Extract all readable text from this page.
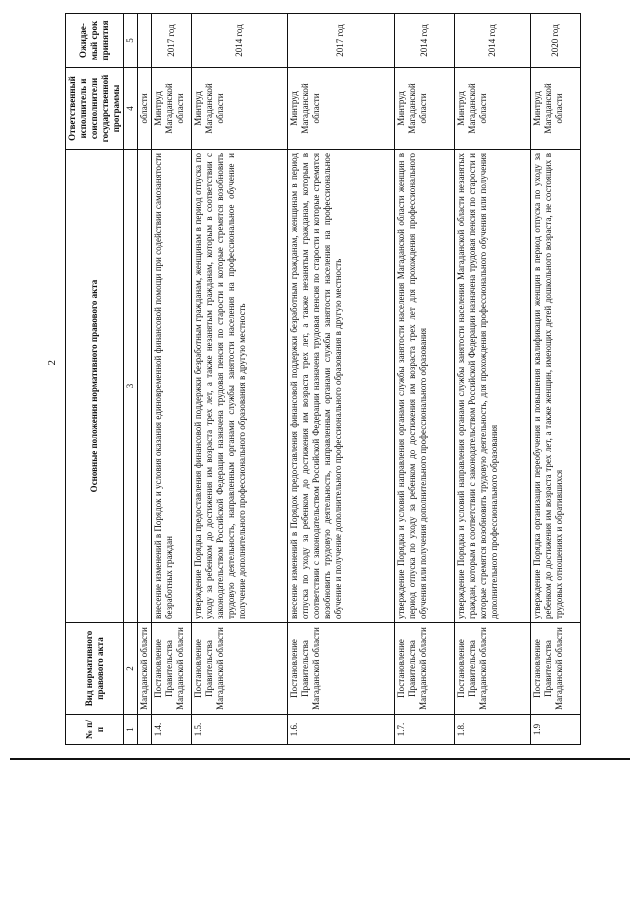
2
№ п/п	Вид нормативного правового акта	Основные положения нормативного правового акта	Ответственный исполнитель и соисполнители государственной программы	Ожидае-мый срок принятия
1	2	3	4	5
	Магаданской области		области	
1.4.	Постановление Правительства Магаданской области	внесение изменений в Порядок и условия оказания единовременной финансовой помощи при содействии самозанятости безработных граждан	Минтруд Магаданской области	2017 год
1.5.	Постановление Правительства Магаданской области	утверждение Порядка предоставления финансовой поддержки безработным гражданам, женщинам в период отпуска по уходу за ребенком до достижения им возраста трех лет, а также незанятым гражданам, которым в соответствии с законодательством Российской Федерации назначена трудовая пенсия по старости и которые стремятся возобновить трудовую деятельность, направленным органами службы занятости населения на профессиональное обучение и получение дополнительного профессионального образования в другую местность	Минтруд Магаданской области	2014 год
1.6.	Постановление Правительства Магаданской области	внесение изменений в Порядок предоставления финансовой поддержки безработным гражданам, женщинам в период отпуска по уходу за ребенком до достижения им возраста трех лет, а также незанятым гражданам, которым в соответствии с законодательством Российской Федерации назначена трудовая пенсия по старости и которые стремятся возобновить трудовую деятельность, направленным органами службы занятости населения на профессиональное обучение и получение дополнительного профессионального образования в другую местность	Минтруд Магаданской области	2017 год
1.7.	Постановление Правительства Магаданской области	утверждение Порядка и условий направления органами службы занятости населения Магаданской области женщин в период отпуска по уходу за ребенком до достижения им возраста трех лет для прохождения профессионального обучения или получения дополнительного профессионального образования	Минтруд Магаданской области	2014 год
1.8.	Постановление Правительства Магаданской области	утверждение Порядка и условий направления органами службы занятости населения Магаданской области незанятых граждан, которым в соответствии с законодательством Российской Федерации назначена трудовая пенсия по старости и которые стремятся возобновить трудовую деятельность, для прохождения профессионального обучения или получения дополнительного профессионального образования	Минтруд Магаданской области	2014 год
1.9	Постановление Правительства Магаданской области	утверждение Порядка организации переобучения и повышения квалификации женщин в период отпуска по уходу за ребенком до достижения им возраста трех лет, а также женщин, имеющих детей дошкольного возраста, не состоящих в трудовых отношениях и обратившихся	Минтруд Магаданской области	2020 год
